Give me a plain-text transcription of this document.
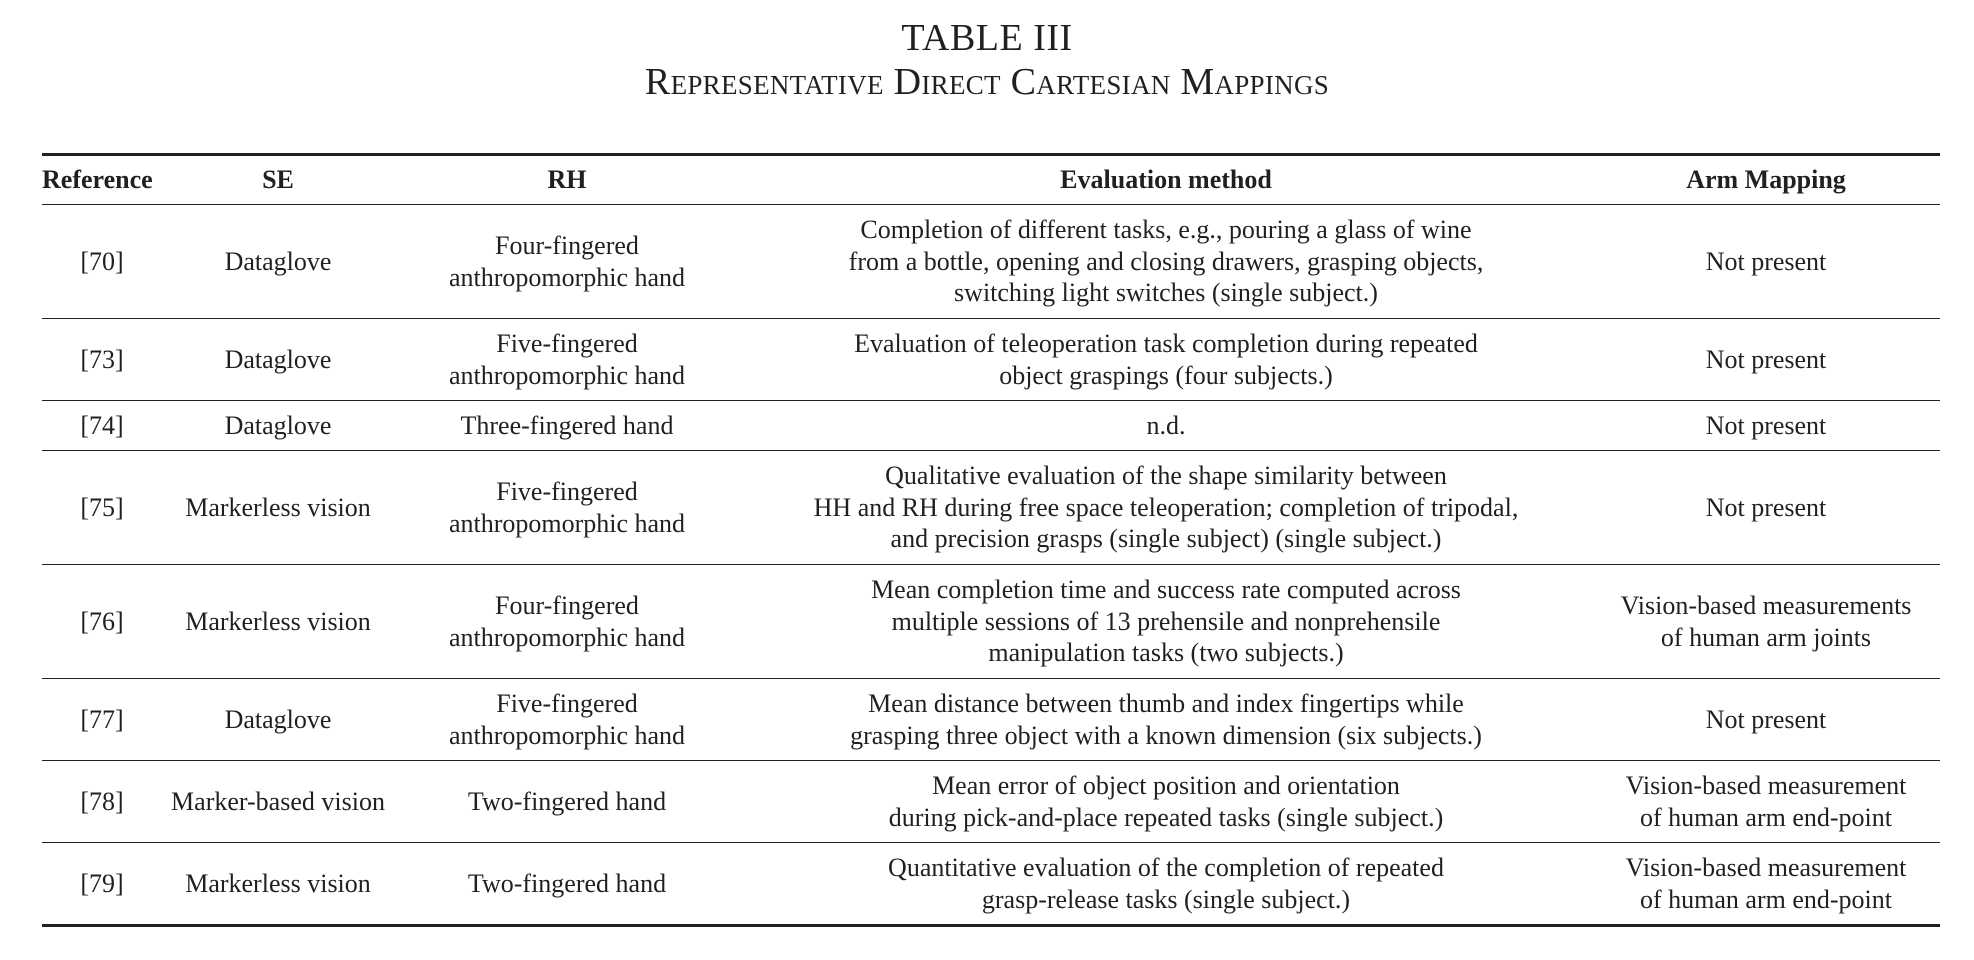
TABLE III
Representative Direct Cartesian Mappings
Reference	SE	RH	Evaluation method	Arm Mapping
[70]	Dataglove	Four-fingered
anthropomorphic hand	Completion of different tasks, e.g., pouring a glass of wine
from a bottle, opening and closing drawers, grasping objects,
switching light switches (single subject.)	Not present
[73]	Dataglove	Five-fingered
anthropomorphic hand	Evaluation of teleoperation task completion during repeated
object graspings (four subjects.)	Not present
[74]	Dataglove	Three-fingered hand	n.d.	Not present
[75]	Markerless vision	Five-fingered
anthropomorphic hand	Qualitative evaluation of the shape similarity between
HH and RH during free space teleoperation; completion of tripodal,
and precision grasps (single subject) (single subject.)	Not present
[76]	Markerless vision	Four-fingered
anthropomorphic hand	Mean completion time and success rate computed across
multiple sessions of 13 prehensile and nonprehensile
manipulation tasks (two subjects.)	Vision-based measurements
of human arm joints
[77]	Dataglove	Five-fingered
anthropomorphic hand	Mean distance between thumb and index fingertips while
grasping three object with a known dimension (six subjects.)	Not present
[78]	Marker-based vision	Two-fingered hand	Mean error of object position and orientation
during pick-and-place repeated tasks (single subject.)	Vision-based measurement
of human arm end-point
[79]	Markerless vision	Two-fingered hand	Quantitative evaluation of the completion of repeated
grasp-release tasks (single subject.)	Vision-based measurement
of human arm end-point
